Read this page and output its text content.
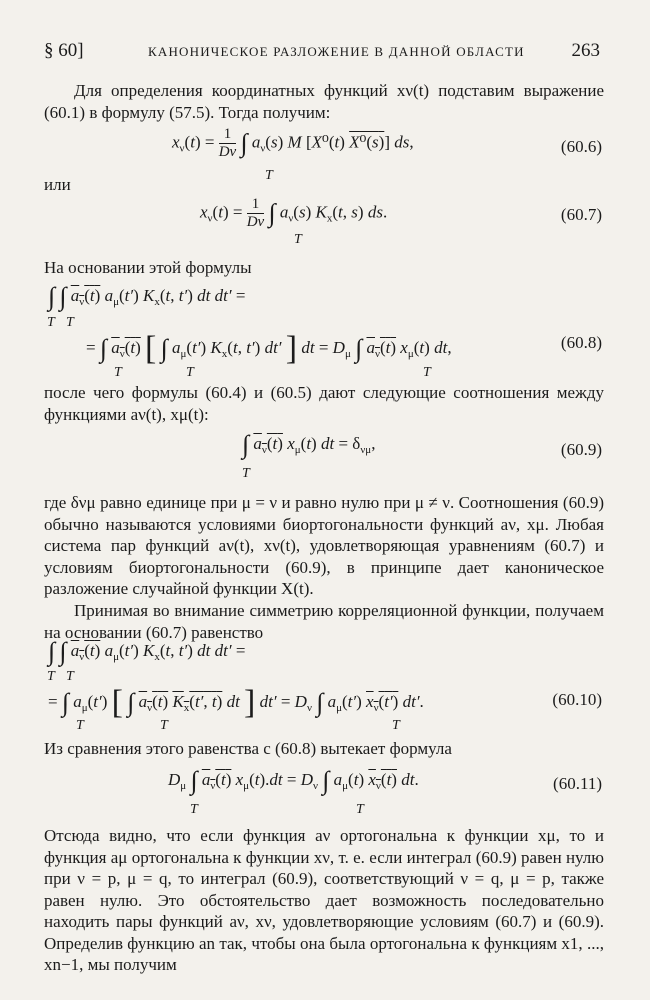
§ 60]	КАНОНИЧЕСКОЕ РАЗЛОЖЕНИЕ В ДАННОЙ ОБЛАСТИ 263
Для определения координатных функций xν(t) подставим выражение (60.1) в формулу (57.5). Тогда получим:
$x_\nu(t) = \frac{1}{D\nu}$ ∫ $a_\nu(s)$ M [X⁰(t) X⁰(s)] ds,
T
(60.6)
или
$x_\nu(t) = \frac{1}{D\nu}$ ∫ $a_\nu(s)$ $K_x(t$, s) ds.
T
(60.7)
На основании этой формулы
∫ ∫ $a_\nu(t)$ $a_\mu(t')$ $K_x(t$, t′) dt dt′ =
T T
= ∫ $a_\nu(t)$ [ ∫ $a_\mu(t')$ $K_x(t$, t′) dt′ ] dt = $D_\mu$ ∫ $a_\nu(t)$ $x_\mu(t)$ dt,
T	T	T
(60.8)
после чего формулы (60.4) и (60.5) дают следующие соотношения между функциями aν(t), xμ(t):
∫ $a_\nu(t)$ $x_\mu(t)$ dt = $\delta_{\nu\mu}$,
T
(60.9)
где δνμ равно единице при μ = ν и равно нулю при μ ≠ ν. Соотношения (60.9) обычно называются условиями биортогональности функций aν, xμ. Любая система пар функций aν(t), xν(t), удовлетворяющая уравнениям (60.7) и условиям биортогональности (60.9), в принципе дает каноническое разложение случайной функции X(t).
Принимая во внимание симметрию корреляционной функции, получаем на основании (60.7) равенство
∫ ∫ $a_\nu(t)$ $a_\mu(t')$ $K_x(t$, t′) dt dt′ =
T T
= ∫ $a_\mu(t')$ [ ∫ $a_\nu(t)$ $K_x(t'$, t) dt ] $dt' = D_\nu$ ∫ $a_\mu(t')$ $x_\nu(t')$ dt′.
T	T	T
(60.10)
Из сравнения этого равенства с (60.8) вытекает формула
$D_\mu$ ∫ $a_\nu(t) x_\mu(t).dt = D_\nu$ ∫ $a_\mu(t)$ $x_\nu(t)$ dt.
T	T
(60.11)
Отсюда видно, что если функция aν ортогональна к функции xμ, то и функция aμ ортогональна к функции xν, т. е. если интеграл (60.9) равен нулю при ν = p, μ = q, то интеграл (60.9), соответствующий ν = q, μ = p, также равен нулю. Это обстоятельство дает возможность последовательно находить пары функций aν, xν, удовлетворяющие условиям (60.7) и (60.9). Определив функцию an так, чтобы она была ортогональна к функциям x1, ..., xn−1, мы получим
